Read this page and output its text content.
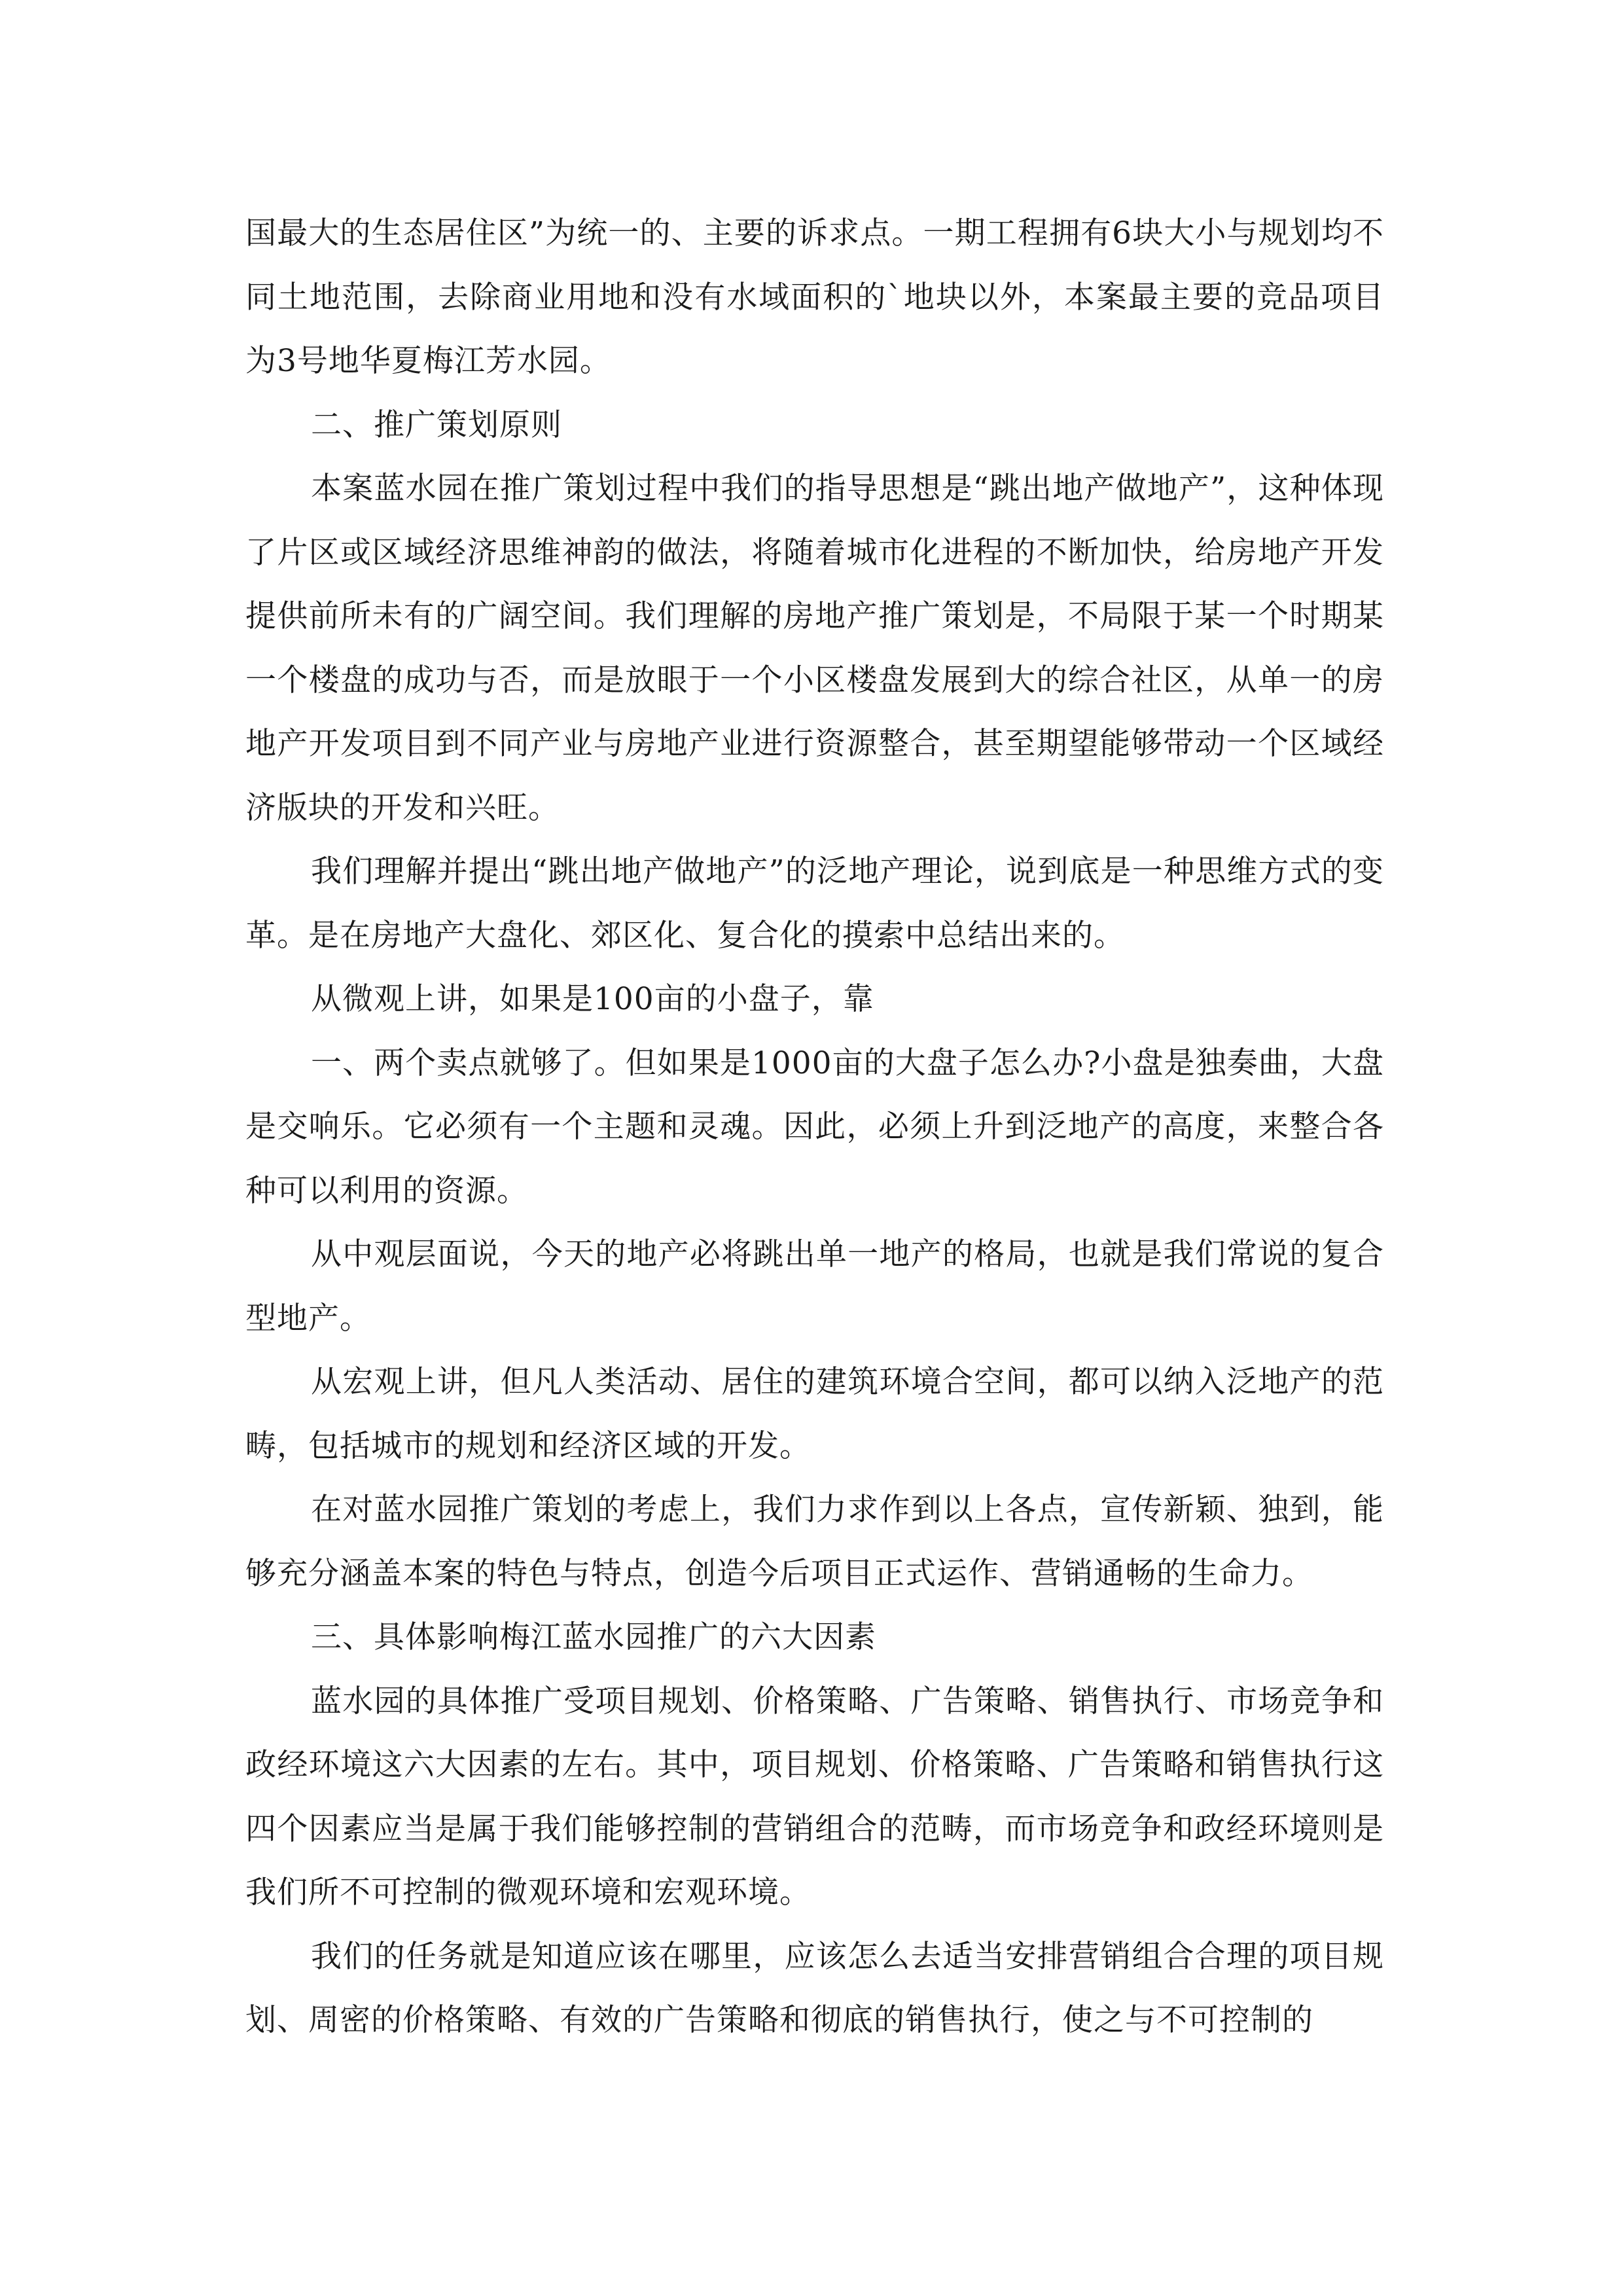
国最大的生态居住区”为统一的、主要的诉求点。一期工程拥有6块大小与规划均不同土地范围，去除商业用地和没有水域面积的`地块以外，本案最主要的竞品项目为3号地华夏梅江芳水园。

二、推广策划原则

本案蓝水园在推广策划过程中我们的指导思想是“跳出地产做地产”，这种体现了片区或区域经济思维神韵的做法，将随着城市化进程的不断加快，给房地产开发提供前所未有的广阔空间。我们理解的房地产推广策划是，不局限于某一个时期某一个楼盘的成功与否，而是放眼于一个小区楼盘发展到大的综合社区，从单一的房地产开发项目到不同产业与房地产业进行资源整合，甚至期望能够带动一个区域经济版块的开发和兴旺。

我们理解并提出“跳出地产做地产”的泛地产理论，说到底是一种思维方式的变革。是在房地产大盘化、郊区化、复合化的摸索中总结出来的。

从微观上讲，如果是100亩的小盘子，靠

一、两个卖点就够了。但如果是1000亩的大盘子怎么办?小盘是独奏曲，大盘是交响乐。它必须有一个主题和灵魂。因此，必须上升到泛地产的高度，来整合各种可以利用的资源。

从中观层面说，今天的地产必将跳出单一地产的格局，也就是我们常说的复合型地产。

从宏观上讲，但凡人类活动、居住的建筑环境合空间，都可以纳入泛地产的范畴，包括城市的规划和经济区域的开发。

在对蓝水园推广策划的考虑上，我们力求作到以上各点，宣传新颖、独到，能够充分涵盖本案的特色与特点，创造今后项目正式运作、营销通畅的生命力。

三、具体影响梅江蓝水园推广的六大因素

蓝水园的具体推广受项目规划、价格策略、广告策略、销售执行、市场竞争和政经环境这六大因素的左右。其中，项目规划、价格策略、广告策略和销售执行这四个因素应当是属于我们能够控制的营销组合的范畴，而市场竞争和政经环境则是我们所不可控制的微观环境和宏观环境。

我们的任务就是知道应该在哪里，应该怎么去适当安排营销组合合理的项目规划、周密的价格策略、有效的广告策略和彻底的销售执行，使之与不可控制的
